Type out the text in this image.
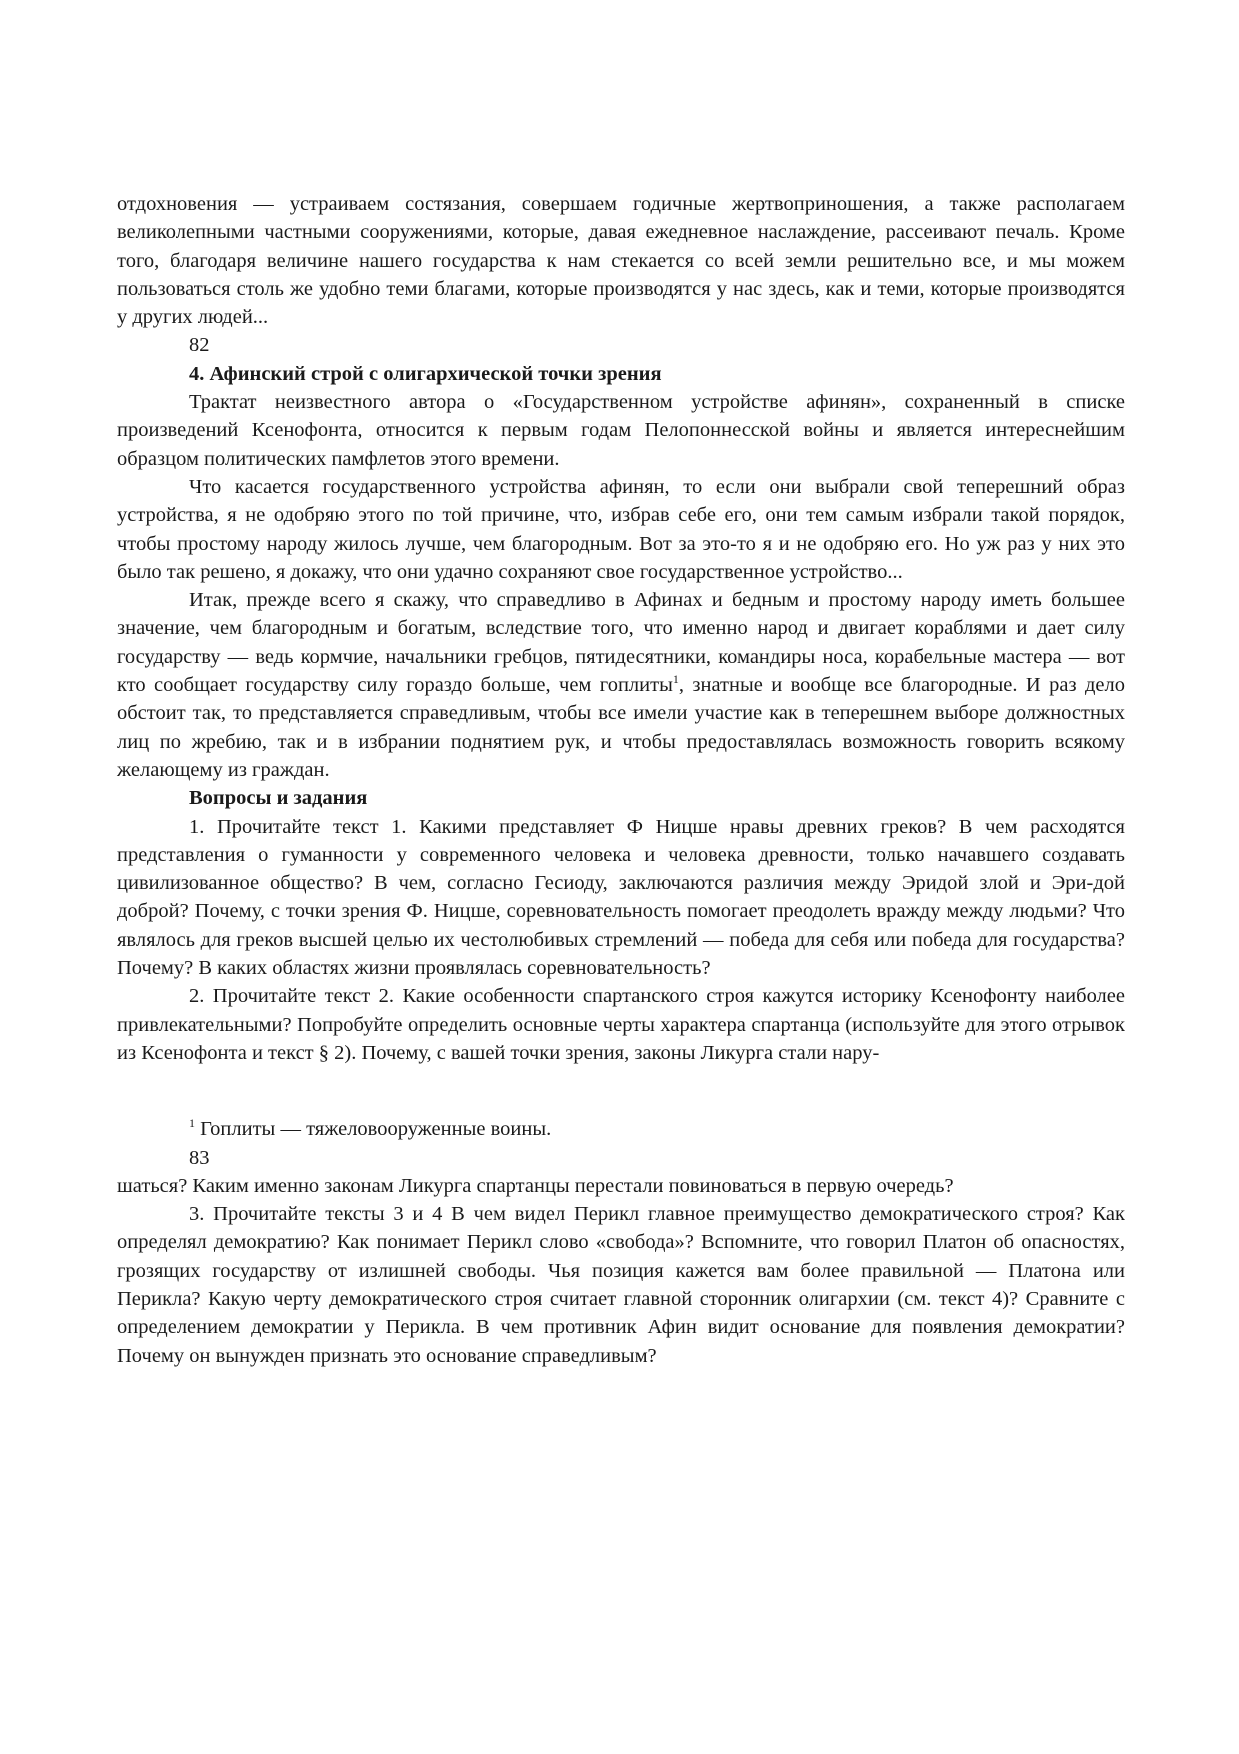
отдохновения — устраиваем состязания, совершаем годичные жертвоприношения, а также располагаем великолепными частными сооружениями, которые, давая ежедневное наслаждение, рассеивают печаль. Кроме того, благодаря величине нашего государства к нам стекается со всей земли решительно все, и мы можем пользоваться столь же удобно теми благами, которые производятся у нас здесь, как и теми, которые производятся у других людей...

82

4. Афинский строй с олигархической точки зрения

Трактат неизвестного автора о «Государственном устройстве афинян», сохраненный в списке произведений Ксенофонта, относится к первым годам Пелопоннесской войны и является интереснейшим образцом политических памфлетов этого времени.

Что касается государственного устройства афинян, то если они выбрали свой теперешний образ устройства, я не одобряю этого по той причине, что, избрав себе его, они тем самым избрали такой порядок, чтобы простому народу жилось лучше, чем благородным. Вот за это-то я и не одобряю его. Но уж раз у них это было так решено, я докажу, что они удачно сохраняют свое государственное устройство...

Итак, прежде всего я скажу, что справедливо в Афинах и бедным и простому народу иметь большее значение, чем благородным и богатым, вследствие того, что именно народ и двигает кораблями и дает силу государству — ведь кормчие, начальники гребцов, пятидесятники, командиры носа, корабельные мастера — вот кто сообщает государству силу гораздо больше, чем гоплиты$^1$, знатные и вообще все благородные. И раз дело обстоит так, то представляется справедливым, чтобы все имели участие как в теперешнем выборе должностных лиц по жребию, так и в избрании поднятием рук, и чтобы предоставлялась возможность говорить всякому желающему из граждан.

Вопросы и задания

1. Прочитайте текст 1. Какими представляет Ф Ницше нравы древних греков? В чем расходятся представления о гуманности у современного человека и человека древности, только начавшего создавать цивилизованное общество? В чем, согласно Гесиоду, заключаются различия между Эридой злой и Эри-дой доброй? Почему, с точки зрения Ф. Ницше, соревновательность помогает преодолеть вражду между людьми? Что являлось для греков высшей целью их честолюбивых стремлений — победа для себя или победа для государства? Почему? В каких областях жизни проявлялась соревновательность?

2. Прочитайте текст 2. Какие особенности спартанского строя кажутся историку Ксенофонту наиболее привлекательными? Попробуйте определить основные черты характера спартанца (используйте для этого отрывок из Ксенофонта и текст § 2). Почему, с вашей точки зрения, законы Ликурга стали нару-

$^1$ Гоплиты — тяжеловооруженные воины.

83

шаться? Каким именно законам Ликурга спартанцы перестали повиноваться в первую очередь?

3. Прочитайте тексты 3 и 4 В чем видел Перикл главное преимущество демократического строя? Как определял демократию? Как понимает Перикл слово «свобода»? Вспомните, что говорил Платон об опасностях, грозящих государству от излишней свободы. Чья позиция кажется вам более правильной — Платона или Перикла? Какую черту демократического строя считает главной сторонник олигархии (см. текст 4)? Сравните с определением демократии у Перикла. В чем противник Афин видит основание для появления демократии? Почему он вынужден признать это основание справедливым?
